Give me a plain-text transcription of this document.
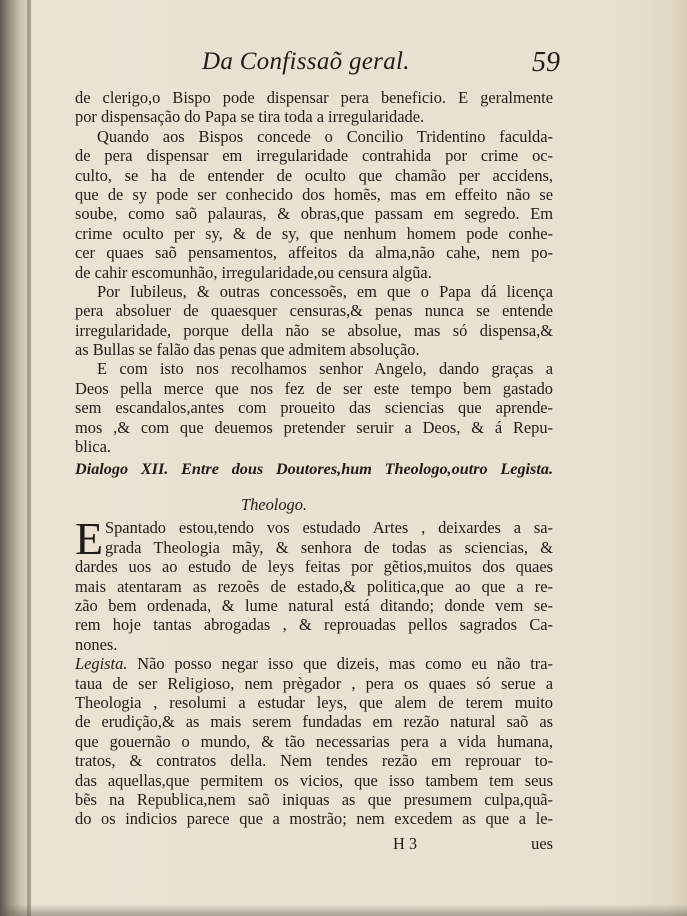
Da Confissaõ geral.	59
de clerigo,o Bispo pode dispensar pera beneficio. E geralmente
por dispensação do Papa se tira toda a irregularidade.
Quando aos Bispos concede o Concilio Tridentino faculda-
de pera dispensar em irregularidade contrahida por crime oc-
culto, se ha de entender de oculto que chamão per accidens,
que de sy pode ser conhecido dos homẽs, mas em effeito não se
soube, como saõ palauras, & obras,que passam em segredo. Em
crime oculto per sy, & de sy, que nenhum homem pode conhe-
cer quaes saõ pensamentos, affeitos da alma,não cahe, nem po-
de cahir escomunhão, irregularidade,ou censura algũa.
Por Iubileus, & outras concessoẽs, em que o Papa dá licença
pera absoluer de quaesquer censuras,& penas nunca se entende
irregularidade, porque della não se absolue, mas só dispensa,&
as Bullas se falão das penas que admitem absolução.
E com isto nos recolhamos senhor Angelo, dando graças a
Deos pella merce que nos fez de ser este tempo bem gastado
sem escandalos,antes com proueito das sciencias que aprende-
mos ,& com que deuemos pretender seruir a Deos, & á Repu-
blica.
Dialogo XII. Entre dous Doutores,hum Theologo,outro Legista.
Theologo.
E Spantado estou,tendo vos estudado Artes , deixardes a sa-
grada Theologia mãy, & senhora de todas as sciencias, &
dardes uos ao estudo de leys feitas por gẽtios,muitos dos quaes
mais atentaram as rezoẽs de estado,& politica,que ao que a re-
zão bem ordenada, & lume natural está ditando; donde vem se-
rem hoje tantas abrogadas , & reprouadas pellos sagrados Ca-
nones.
Legista. Não posso negar isso que dizeis, mas como eu não tra-
taua de ser Religioso, nem prègador , pera os quaes só serue a
Theologia , resolumi a estudar leys, que alem de terem muito
de erudição,& as mais serem fundadas em rezão natural saõ as
que gouernão o mundo, & tão necessarias pera a vida humana,
tratos, & contratos della. Nem tendes rezão em reprouar to-
das aquellas,que permitem os vicios, que isso tambem tem seus
bẽs na Republica,nem saõ iniquas as que presumem culpa,quã-
do os indicios parece que a mostrão; nem excedem as que a le-
H 3	ues
